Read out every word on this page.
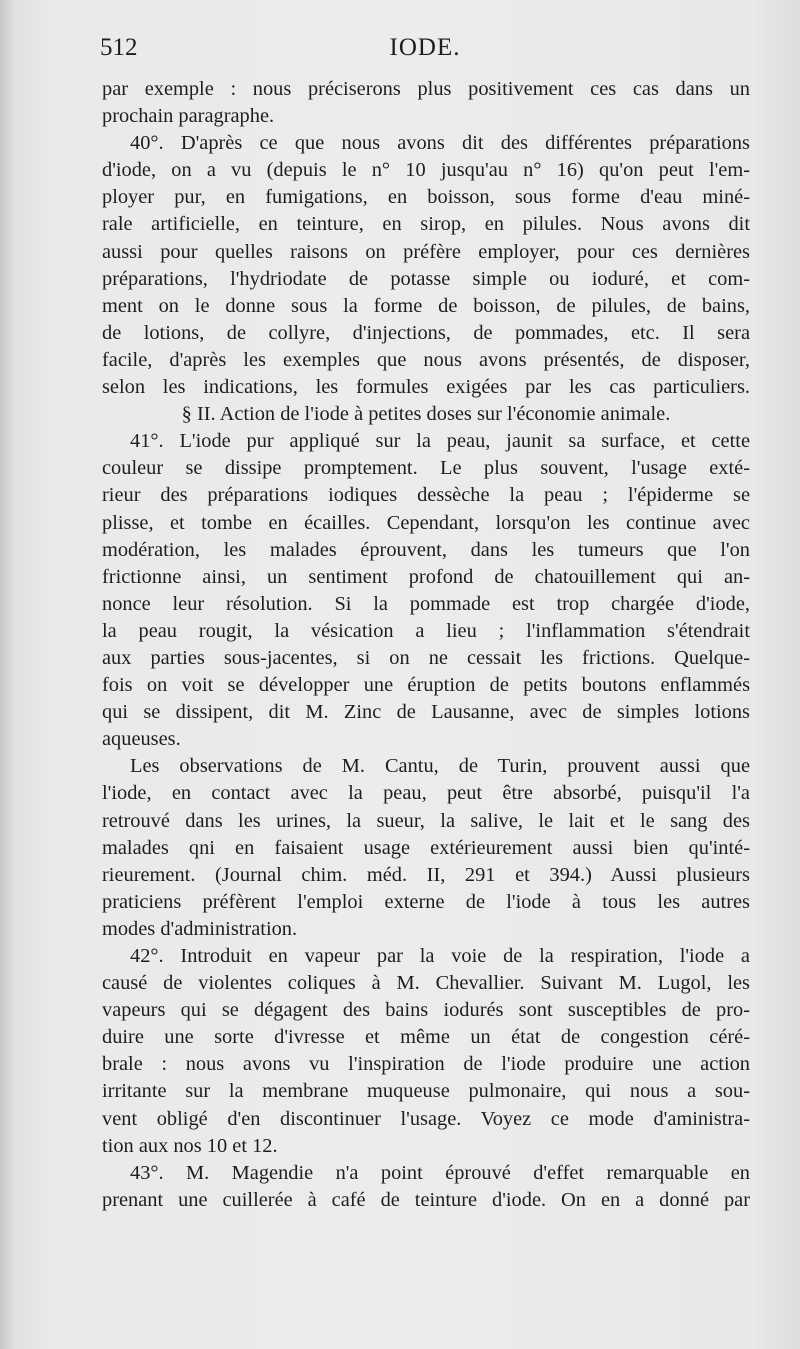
512	IODE.
par exemple : nous préciserons plus positivement ces cas dans un
prochain paragraphe.
40°. D'après ce que nous avons dit des différentes préparations
d'iode, on a vu (depuis le n° 10 jusqu'au n° 16) qu'on peut l'em-
ployer pur, en fumigations, en boisson, sous forme d'eau miné-
rale artificielle, en teinture, en sirop, en pilules. Nous avons dit
aussi pour quelles raisons on préfère employer, pour ces dernières
préparations, l'hydriodate de potasse simple ou ioduré, et com-
ment on le donne sous la forme de boisson, de pilules, de bains,
de lotions, de collyre, d'injections, de pommades, etc. Il sera
facile, d'après les exemples que nous avons présentés, de disposer,
selon les indications, les formules exigées par les cas particuliers.
§ II. Action de l'iode à petites doses sur l'économie animale.
41°. L'iode pur appliqué sur la peau, jaunit sa surface, et cette
couleur se dissipe promptement. Le plus souvent, l'usage exté-
rieur des préparations iodiques dessèche la peau ; l'épiderme se
plisse, et tombe en écailles. Cependant, lorsqu'on les continue avec
modération, les malades éprouvent, dans les tumeurs que l'on
frictionne ainsi, un sentiment profond de chatouillement qui an-
nonce leur résolution. Si la pommade est trop chargée d'iode,
la peau rougit, la vésication a lieu ; l'inflammation s'étendrait
aux parties sous-jacentes, si on ne cessait les frictions. Quelque-
fois on voit se développer une éruption de petits boutons enflammés
qui se dissipent, dit M. Zinc de Lausanne, avec de simples lotions
aqueuses.
Les observations de M. Cantu, de Turin, prouvent aussi que
l'iode, en contact avec la peau, peut être absorbé, puisqu'il l'a
retrouvé dans les urines, la sueur, la salive, le lait et le sang des
malades qni en faisaient usage extérieurement aussi bien qu'inté-
rieurement. (Journal chim. méd. II, 291 et 394.) Aussi plusieurs
praticiens préfèrent l'emploi externe de l'iode à tous les autres
modes d'administration.
42°. Introduit en vapeur par la voie de la respiration, l'iode a
causé de violentes coliques à M. Chevallier. Suivant M. Lugol, les
vapeurs qui se dégagent des bains iodurés sont susceptibles de pro-
duire une sorte d'ivresse et même un état de congestion céré-
brale : nous avons vu l'inspiration de l'iode produire une action
irritante sur la membrane muqueuse pulmonaire, qui nous a sou-
vent obligé d'en discontinuer l'usage. Voyez ce mode d'aministra-
tion aux nos 10 et 12.
43°. M. Magendie n'a point éprouvé d'effet remarquable en
prenant une cuillerée à café de teinture d'iode. On en a donné par
